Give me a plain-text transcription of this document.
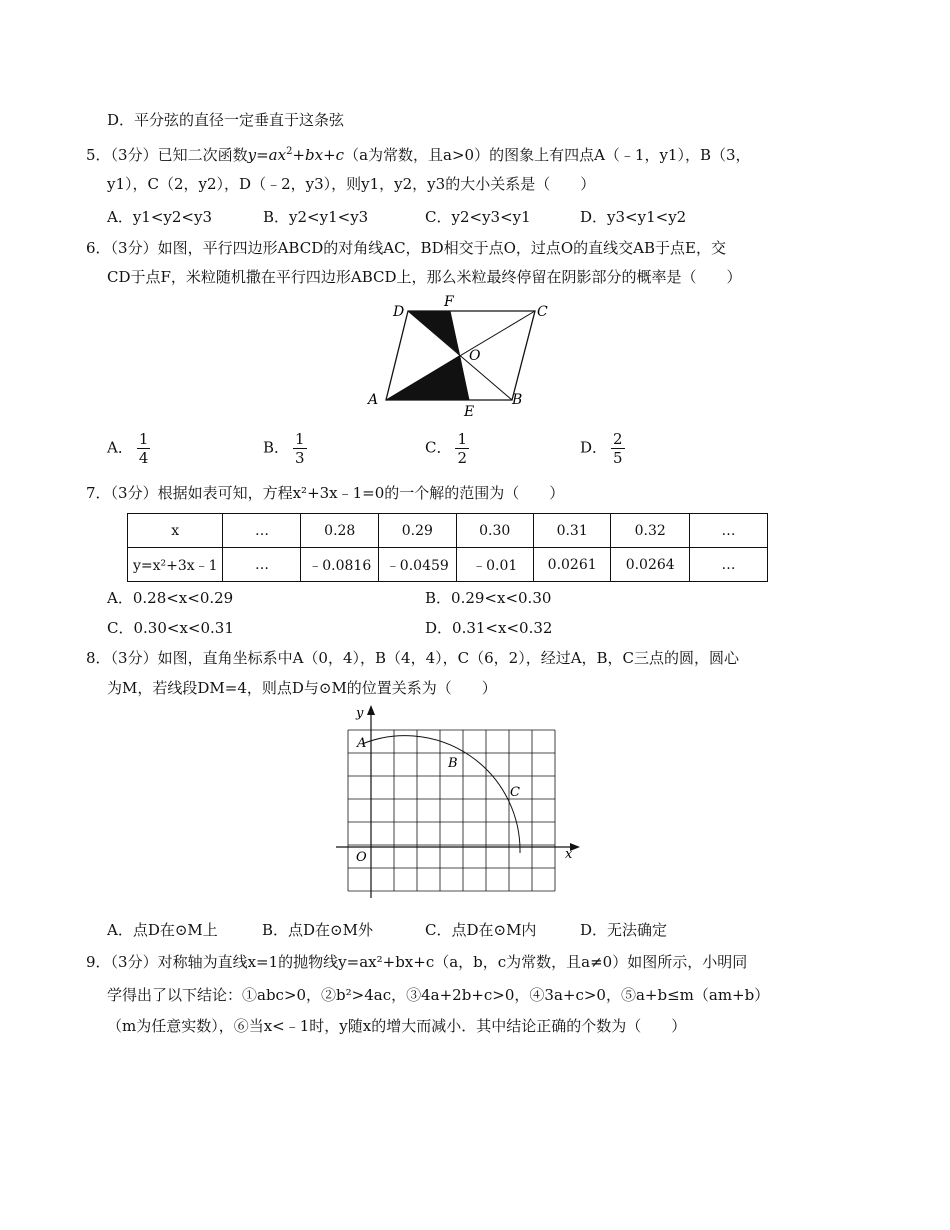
D．平分弦的直径一定垂直于这条弦
5．（3分）已知二次函数$y=ax^2+bx+c(a$为常数，且a>0）的图象上有四点A（﹣1，y1），B（3，
y1），C（2，y2），D（﹣2，y3），则y1，y2，y3的大小关系是（　　）
A．y1<y2<y3	B．y2<y1<y3	C．y2<y3<y1	D．y3<y1<y2
6．（3分）如图，平行四边形ABCD的对角线AC，BD相交于点O，过点O的直线交AB于点E，交
CD于点F，米粒随机撒在平行四边形ABCD上，那么米粒最终停留在阴影部分的概率是（　　）
D
F
C
O
A
E
B
A． $\frac{1}{4}$	B． $\frac{1}{3}$	C． $\frac{1}{2}$	D． $\frac{2}{5}$
7．（3分）根据如表可知，方程x²+3x﹣1=0的一个解的范围为（　　）
x	…	0.28	0.29	0.30	0.31	0.32	…
y=x²+3x﹣1	…	﹣0.0816	﹣0.0459	﹣0.01	0.0261	0.0264	…
A．0.28<x<0.29	B．0.29<x<0.30
C．0.30<x<0.31	D．0.31<x<0.32
8．（3分）如图，直角坐标系中A（0，4），B（4，4），C（6，2），经过A，B，C三点的圆，圆心
为M，若线段DM=4，则点D与⊙M的位置关系为（　　）
y
x
O
A
B
C
A．点D在⊙M上	B．点D在⊙M外	C．点D在⊙M内	D．无法确定
9．（3分）对称轴为直线x=1的抛物线y=ax²+bx+c（a，b，c为常数，且a≠0）如图所示，小明同
学得出了以下结论：①abc>0，②b²>4ac，③4a+2b+c>0，④3a+c>0，⑤a+b≤m（am+b）
（m为任意实数），⑥当x<﹣1时，y随x的增大而减小．其中结论正确的个数为（　　）
